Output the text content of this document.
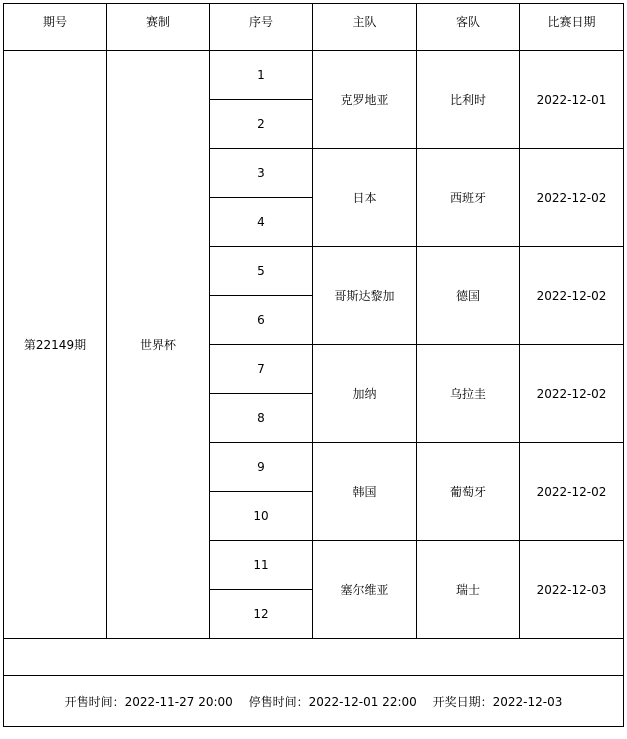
期号	赛制	序号	主队	客队	比赛日期
第22149期	世界杯	1	克罗地亚	比利时	2022-12-01
		2			
		3	日本	西班牙	2022-12-02
		4			
		5	哥斯达黎加	德国	2022-12-02
		6			
		7	加纳	乌拉圭	2022-12-02
		8			
		9	韩国	葡萄牙	2022-12-02
		10			
		11	塞尔维亚	瑞士	2022-12-03
		12			

开售时间：2022-11-27 20:00 停售时间：2022-12-01 22:00 开奖日期：2022-12-03					
